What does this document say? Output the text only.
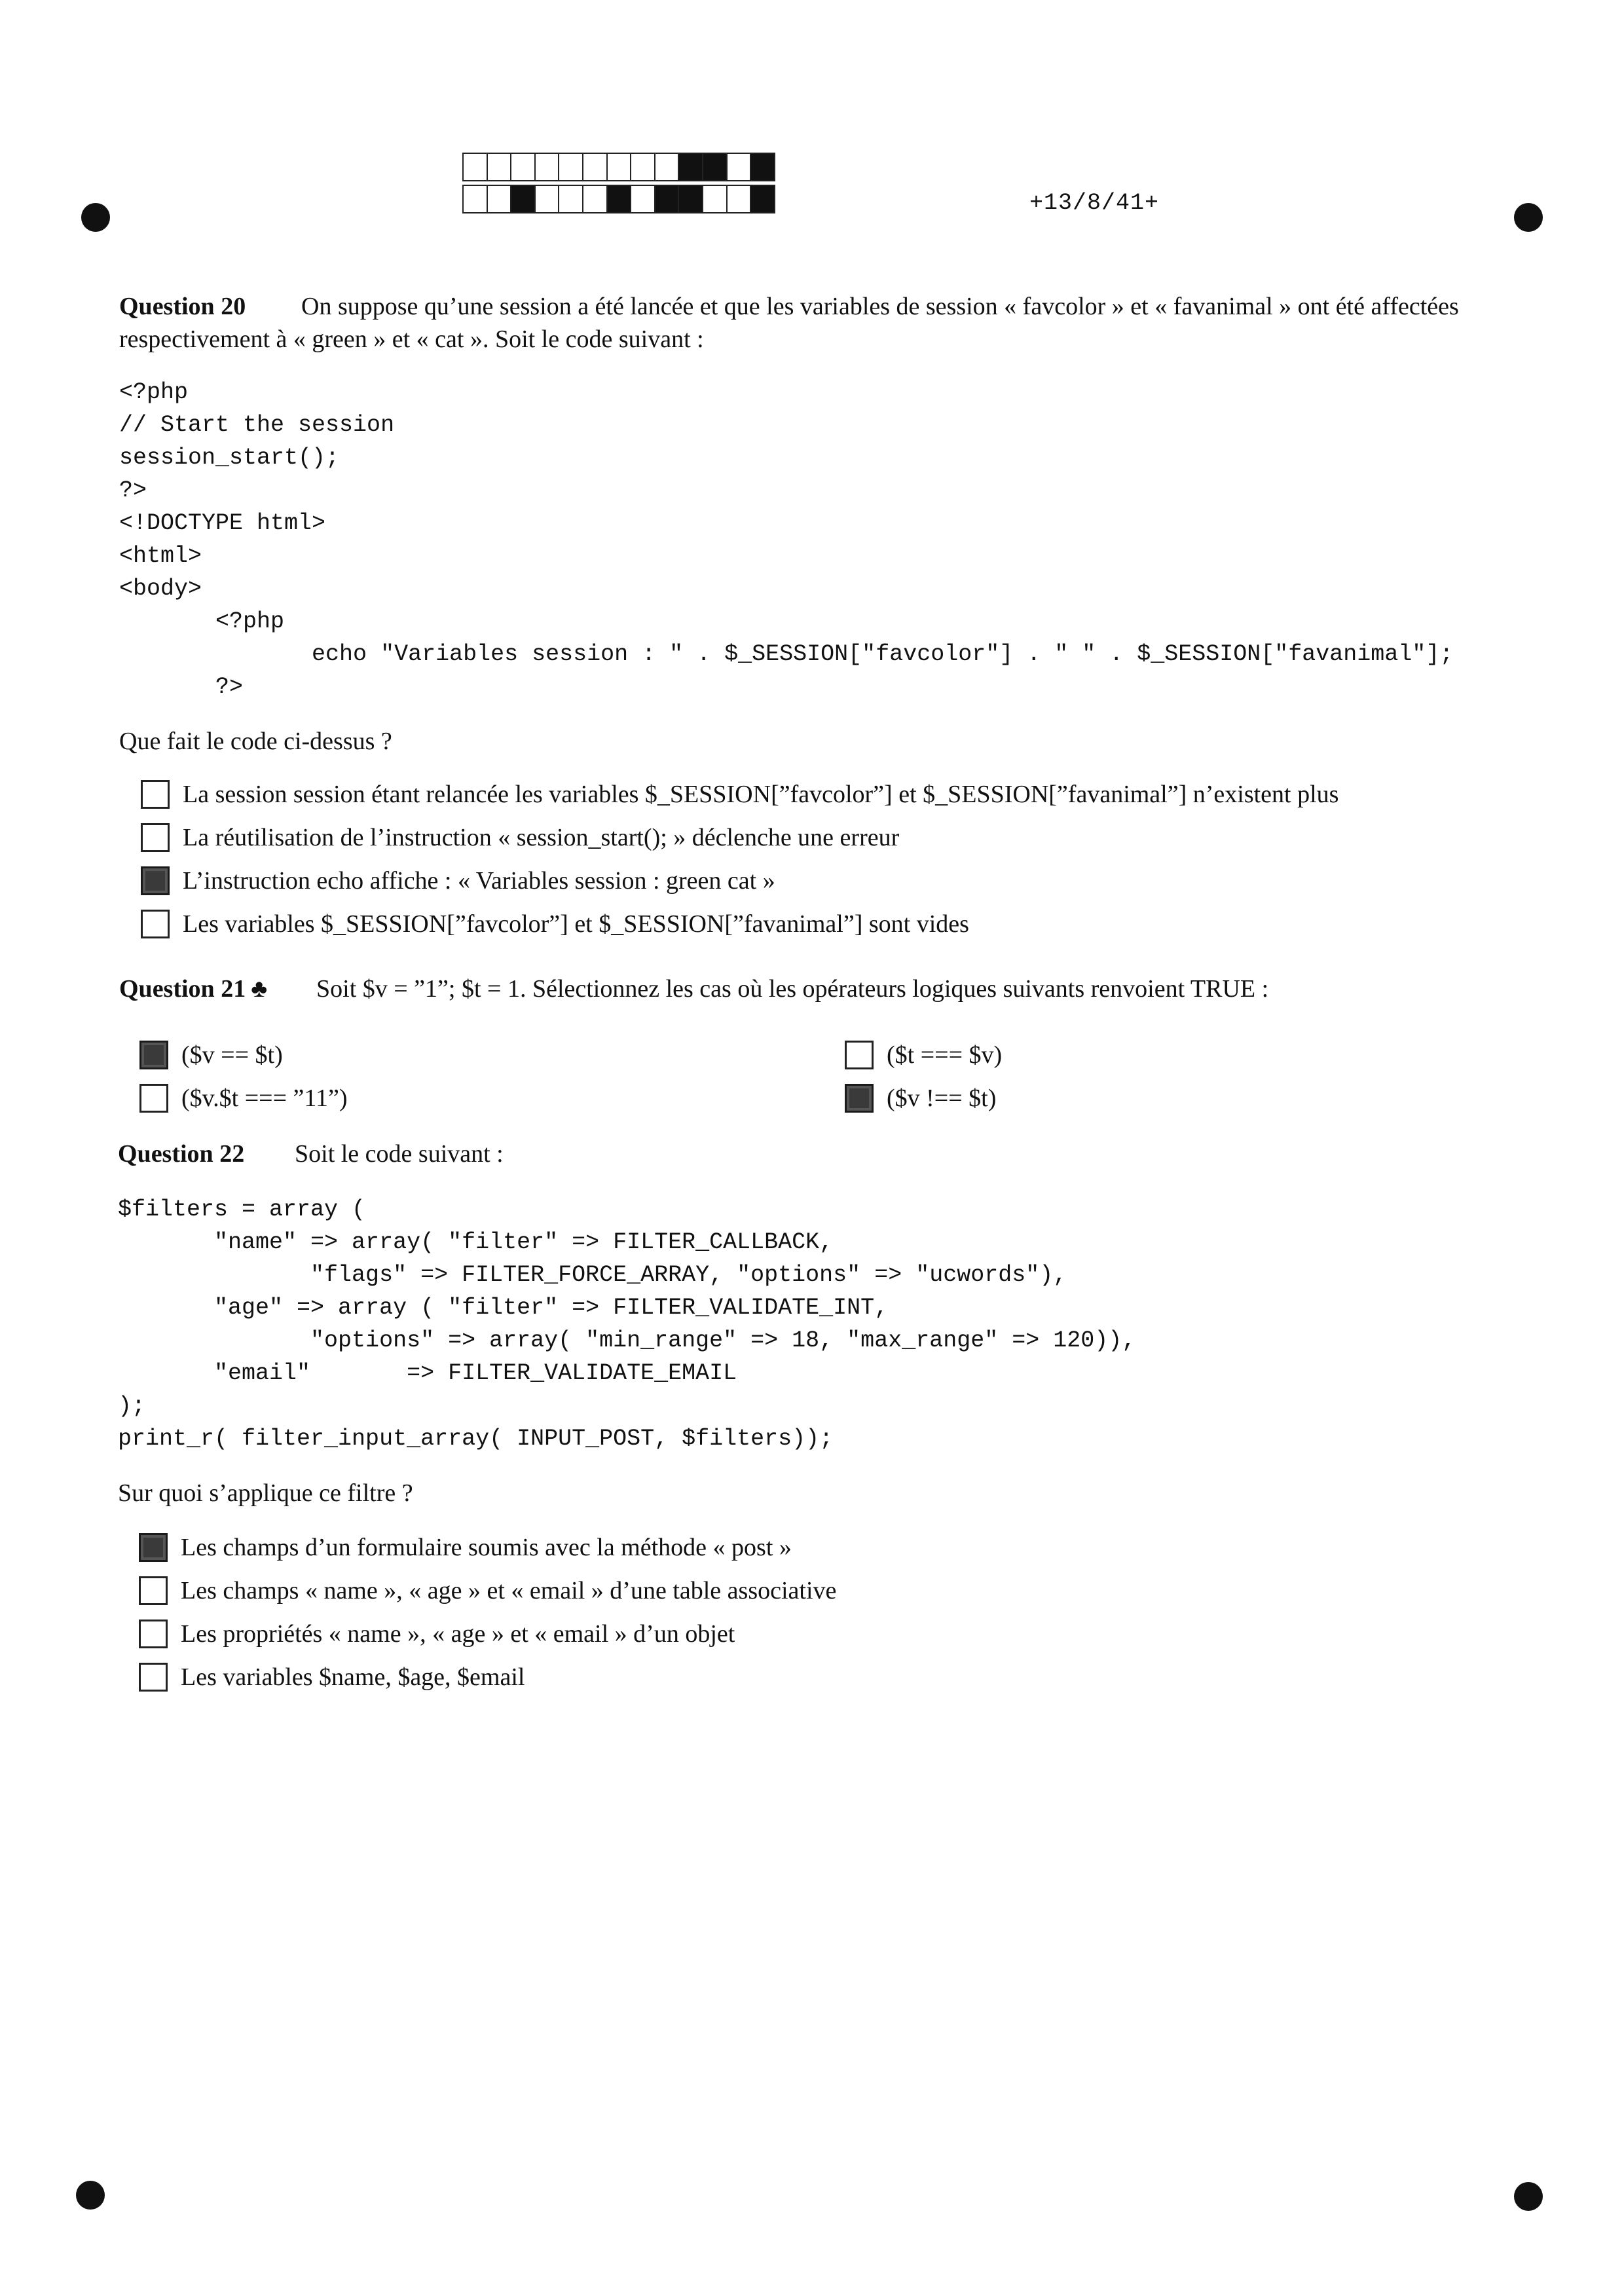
+13/8/41+
Question 20	On suppose qu’une session a été lancée et que les variables de session « favcolor » et « favanimal » ont été affectées respectivement à « green » et « cat ». Soit le code suivant :
<?php
// Start the session
session_start();
?>
<!DOCTYPE html>
<html>
<body>
<?php
echo "Variables session : " . $_SESSION["favcolor"] . " " . $_SESSION["favanimal"];
?>
Que fait le code ci-dessus ?
La session session étant relancée les variables $_SESSION[”favcolor”] et $_SESSION[”favanimal”] n’existent plus
La réutilisation de l’instruction « session_start(); » déclenche une erreur
L’instruction echo affiche : « Variables session : green cat »
Les variables $_SESSION[”favcolor”] et $_SESSION[”favanimal”] sont vides
Question 21 ♣ Soit $v = ”1”; $t = 1. Sélectionnez les cas où les opérateurs logiques suivants renvoient TRUE :
($v == $t)	($t === $v)
($v.$t === ”11”)	($v !== $t)
Question 22 Soit le code suivant :
$filters = array (
"name" => array( "filter" => FILTER_CALLBACK,
"flags" => FILTER_FORCE_ARRAY, "options" => "ucwords"),
"age" => array ( "filter" => FILTER_VALIDATE_INT,
"options" => array( "min_range" => 18, "max_range" => 120)),
"email"       => FILTER_VALIDATE_EMAIL
);
print_r( filter_input_array( INPUT_POST, $filters));
Sur quoi s’applique ce filtre ?
Les champs d’un formulaire soumis avec la méthode « post »
Les champs « name », « age » et « email » d’une table associative
Les propriétés « name », « age » et « email » d’un objet
Les variables $name, $age, $email
